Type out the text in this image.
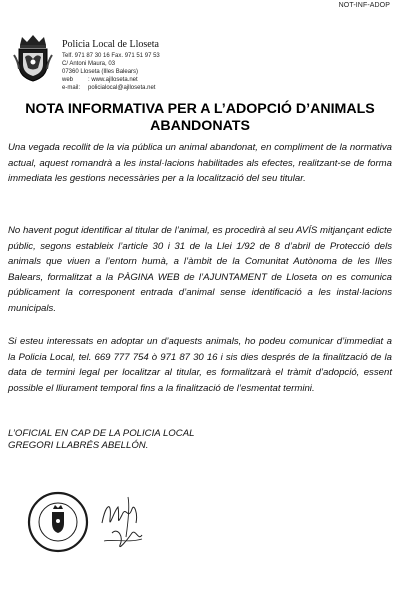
NOT-INF-ADOP
Policia Local de Lloseta
Telf. 971 87 30 16 Fax. 971 51 97 53
C/ Antoni Maura, 03
07360 Lloseta (Illes Balears)
web : www.ajlloseta.net
e-mail: policialocal@ajlloseta.net
NOTA INFORMATIVA PER A L’ADOPCIÓ D’ANIMALS
ABANDONATS

Una vegada recollit de la via pública un animal abandonat, en compliment de la normativa actual, aquest romandrà a les instal·lacions habilitades als efectes, realitzant-se de forma immediata les gestions necessàries per a la localització del seu titular.

No havent pogut identificar al titular de l’animal, es procedirà al seu AVÍS mitjançant edicte públic, segons estableix l’article 30 i 31 de la Llei 1/92 de 8 d’abril de Protecció dels animals que viuen a l’entorn humà, a l’àmbit de la Comunitat Autònoma de les Illes Balears, formalitzat a la PÀGINA WEB de l’AJUNTAMENT de Lloseta on es comunica públicament la corresponent entrada d’animal sense identificació a les instal·lacions municipals.

Si esteu interessats en adoptar un d’aquests animals, ho podeu comunicar d’immediat a la Policia Local, tel. 669 777 754 ò 971 87 30 16 i sis dies després de la finalització de la data de termini legal per localitzar al titular, es formalitzarà el tràmit d’adopció, essent possible el lliurament temporal fins a la finalització de l’esmentat termini.

L’OFICIAL EN CAP DE LA POLICIA LOCAL
GREGORI LLABRÉS ABELLÓN.
